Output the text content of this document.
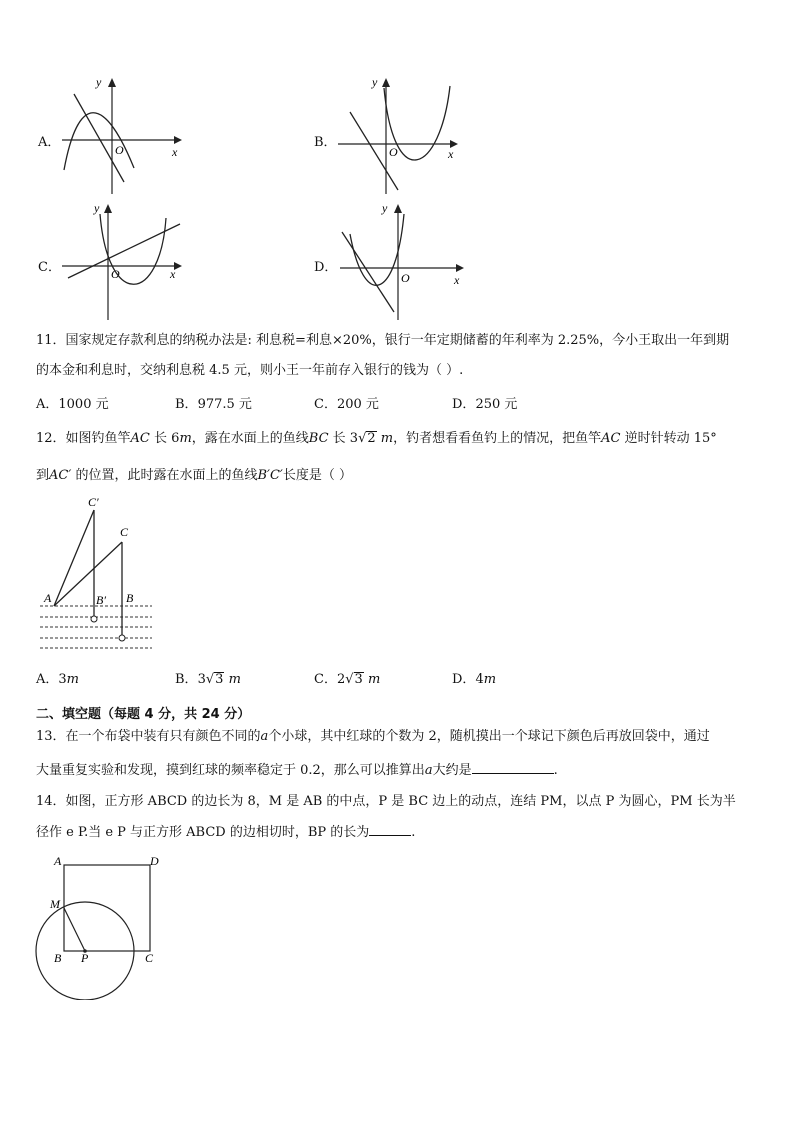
A．
y
x
O	B．
y
x
O
C．
y
x
O	D．
y
x
O
11．国家规定存款利息的纳税办法是: 利息税=利息×20%，银行一年定期储蓄的年利率为 2.25%，今小王取出一年到期
的本金和利息时，交纳利息税 4.5 元，则小王一年前存入银行的钱为（ ）.
A．1000 元	B．977.5 元	C．200 元	D．250 元
12．如图钓鱼竿AC 长 6m，露在水面上的鱼线BC 长 3√2 m，钓者想看看鱼钓上的情况，把鱼竿AC 逆时针转动 15°
到AC′ 的位置，此时露在水面上的鱼线B′C′长度是（ ）
A	B′ B
C
C′
A．3m	B．3√3 m	C．2√3 m	D．4m
二、填空题（每题 4 分，共 24 分）
13．在一个布袋中装有只有颜色不同的a个小球，其中红球的个数为 2，随机摸出一个球记下颜色后再放回袋中，通过
大量重复实验和发现，摸到红球的频率稳定于 0.2，那么可以推算出a大约是	.
14．如图，正方形 ABCD 的边长为 8，M 是 AB 的中点，P 是 BC 边上的动点，连结 PM，以点 P 为圆心，PM 长为半
径作 e P.当 e P 与正方形 ABCD 的边相切时，BP 的长为	.
A	D
M
B P	C
